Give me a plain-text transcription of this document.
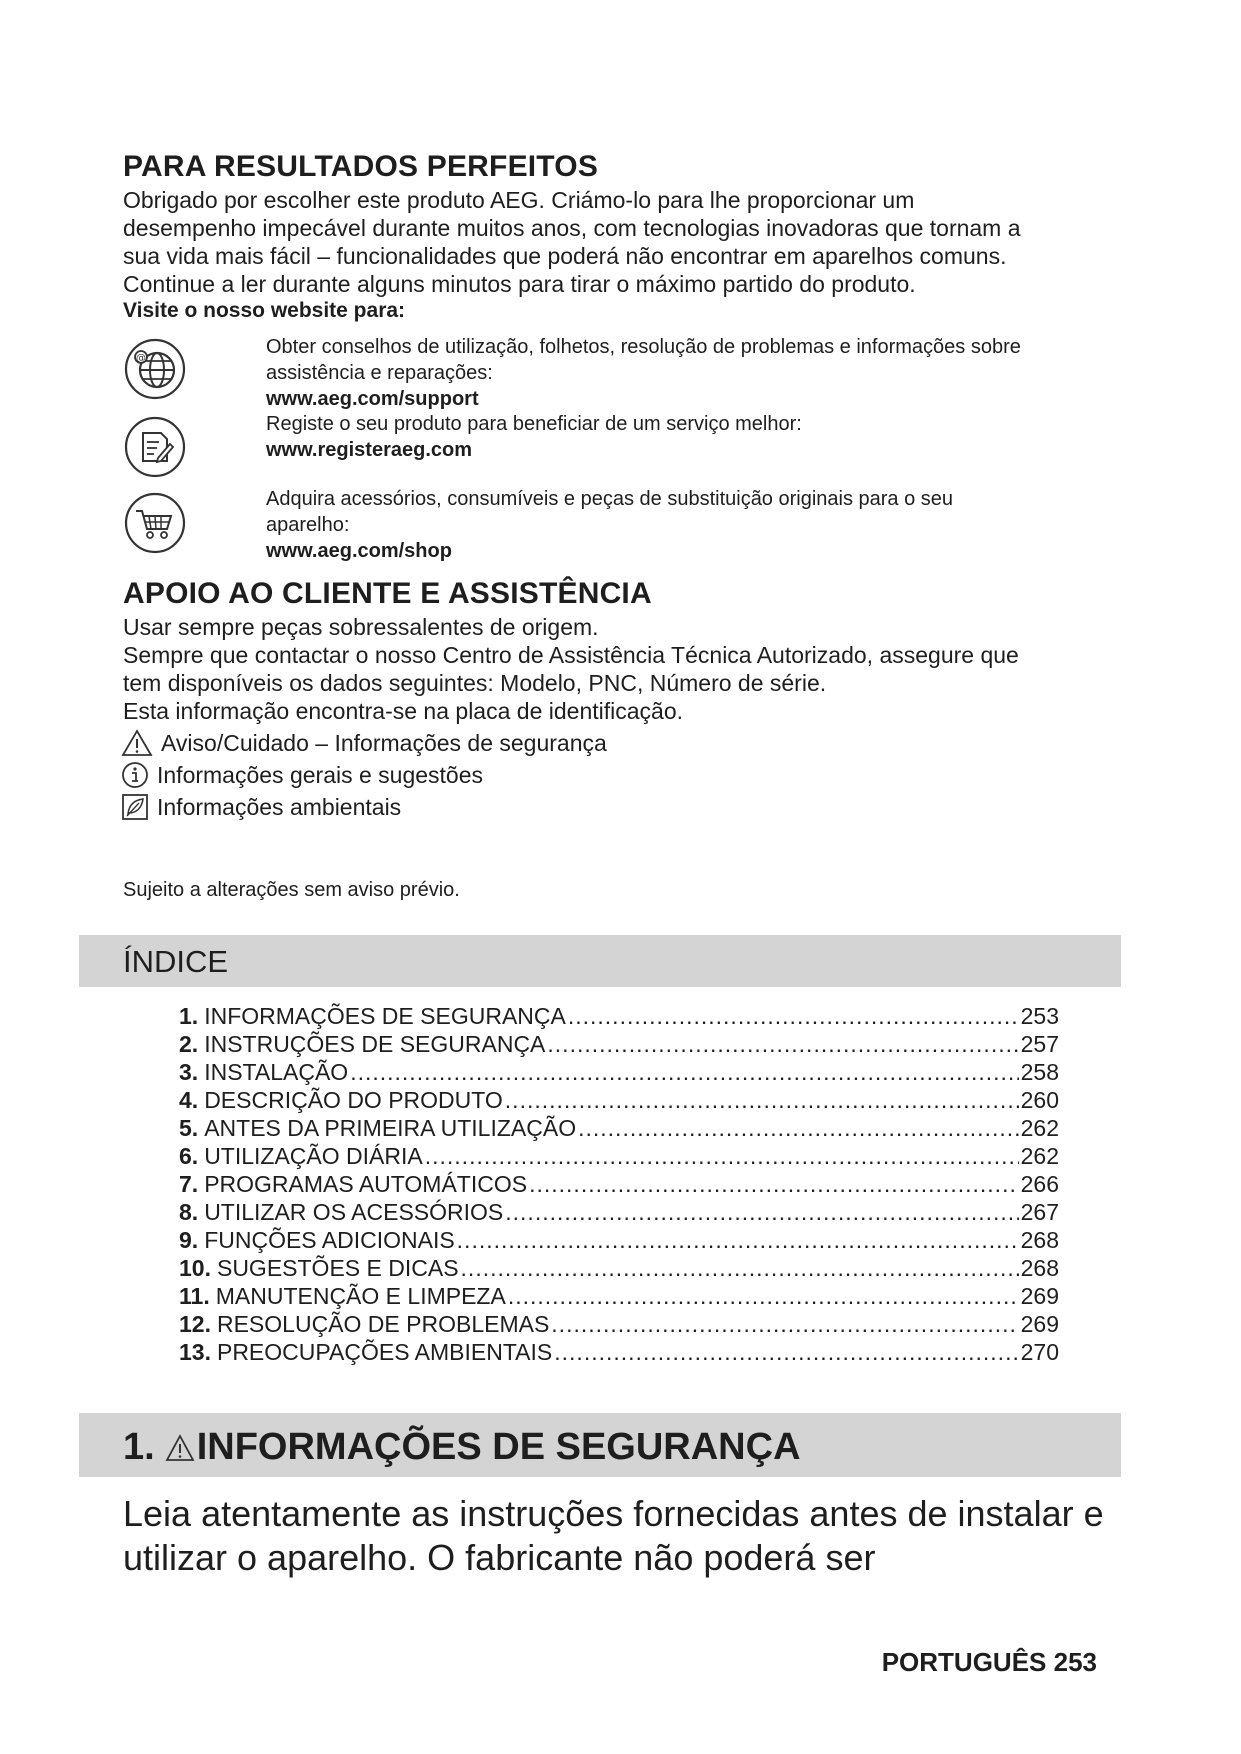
PARA RESULTADOS PERFEITOS
Obrigado por escolher este produto AEG. Criámo-lo para lhe proporcionar um
desempenho impecável durante muitos anos, com tecnologias inovadoras que tornam a
sua vida mais fácil – funcionalidades que poderá não encontrar em aparelhos comuns.
Continue a ler durante alguns minutos para tirar o máximo partido do produto.
Visite o nosso website para:
@
Obter conselhos de utilização, folhetos, resolução de problemas e informações sobre
assistência e reparações:
www.aeg.com/support
Registe o seu produto para beneficiar de um serviço melhor:
www.registeraeg.com
Adquira acessórios, consumíveis e peças de substituição originais para o seu
aparelho:
www.aeg.com/shop
APOIO AO CLIENTE E ASSISTÊNCIA
Usar sempre peças sobressalentes de origem.
Sempre que contactar o nosso Centro de Assistência Técnica Autorizado, assegure que
tem disponíveis os dados seguintes: Modelo, PNC, Número de série.
Esta informação encontra-se na placa de identificação.
Aviso/Cuidado – Informações de segurança
Informações gerais e sugestões
Informações ambientais
Sujeito a alterações sem aviso prévio.
ÍNDICE
1. INFORMAÇÕES DE SEGURANÇA .....	253
2. INSTRUÇÕES DE SEGURANÇA .....	257
3. INSTALAÇÃO .....	258
4. DESCRIÇÃO DO PRODUTO .....	260
5. ANTES DA PRIMEIRA UTILIZAÇÃO .....	262
6. UTILIZAÇÃO DIÁRIA .....	262
7. PROGRAMAS AUTOMÁTICOS .....	266
8. UTILIZAR OS ACESSÓRIOS .....	267
9. FUNÇÕES ADICIONAIS .....	268
10. SUGESTÕES E DICAS .....	268
11. MANUTENÇÃO E LIMPEZA .....	269
12. RESOLUÇÃO DE PROBLEMAS .....	269
13. PREOCUPAÇÕES AMBIENTAIS .....	270
1. INFORMAÇÕES DE SEGURANÇA
Leia atentamente as instruções fornecidas antes de instalar e
utilizar o aparelho. O fabricante não poderá ser
PORTUGUÊS 253
